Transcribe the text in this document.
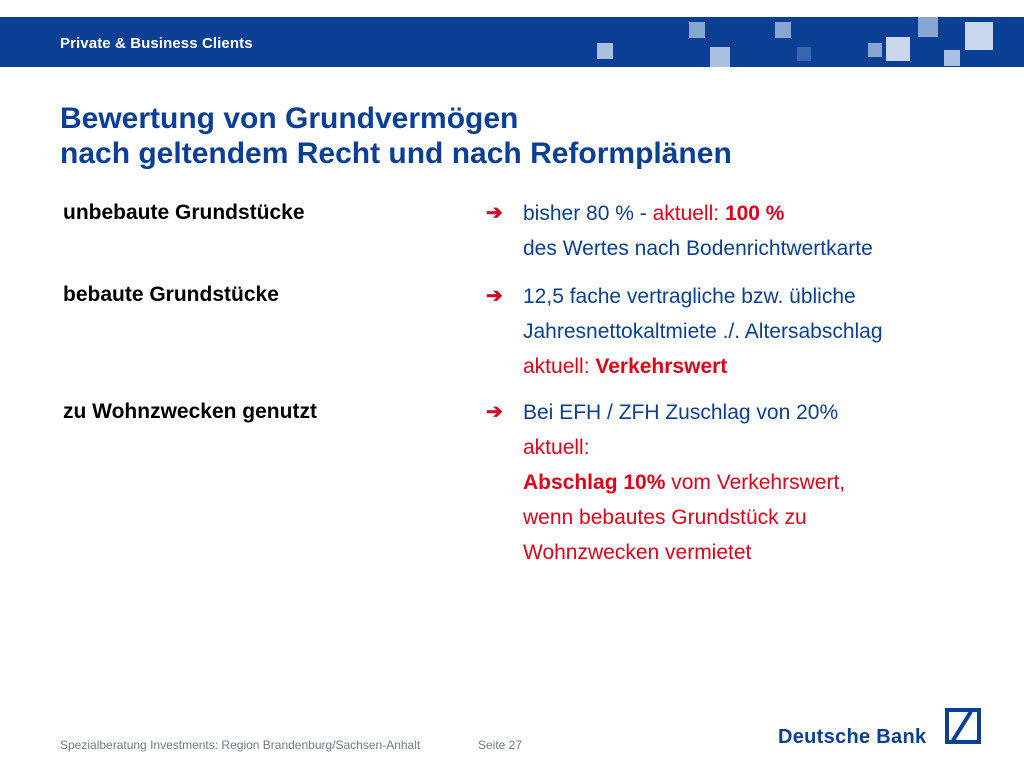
Private & Business Clients
Bewertung von Grundvermögen
nach geltendem Recht und nach Reformplänen
unbebaute Grundstücke	➔ bisher 80 % - aktuell: 100 %
des Wertes nach Bodenrichtwertkarte
bebaute Grundstücke	➔ 12,5 fache vertragliche bzw. übliche
Jahresnettokaltmiete ./. Altersabschlag
aktuell: Verkehrswert
zu Wohnzwecken genutzt	➔ Bei EFH / ZFH Zuschlag von 20%
aktuell:
Abschlag 10% vom Verkehrswert,
wenn bebautes Grundstück zu
Wohnzwecken vermietet
Spezialberatung Investments: Region Brandenburg/Sachsen-Anhalt	Seite 27	Deutsche Bank
